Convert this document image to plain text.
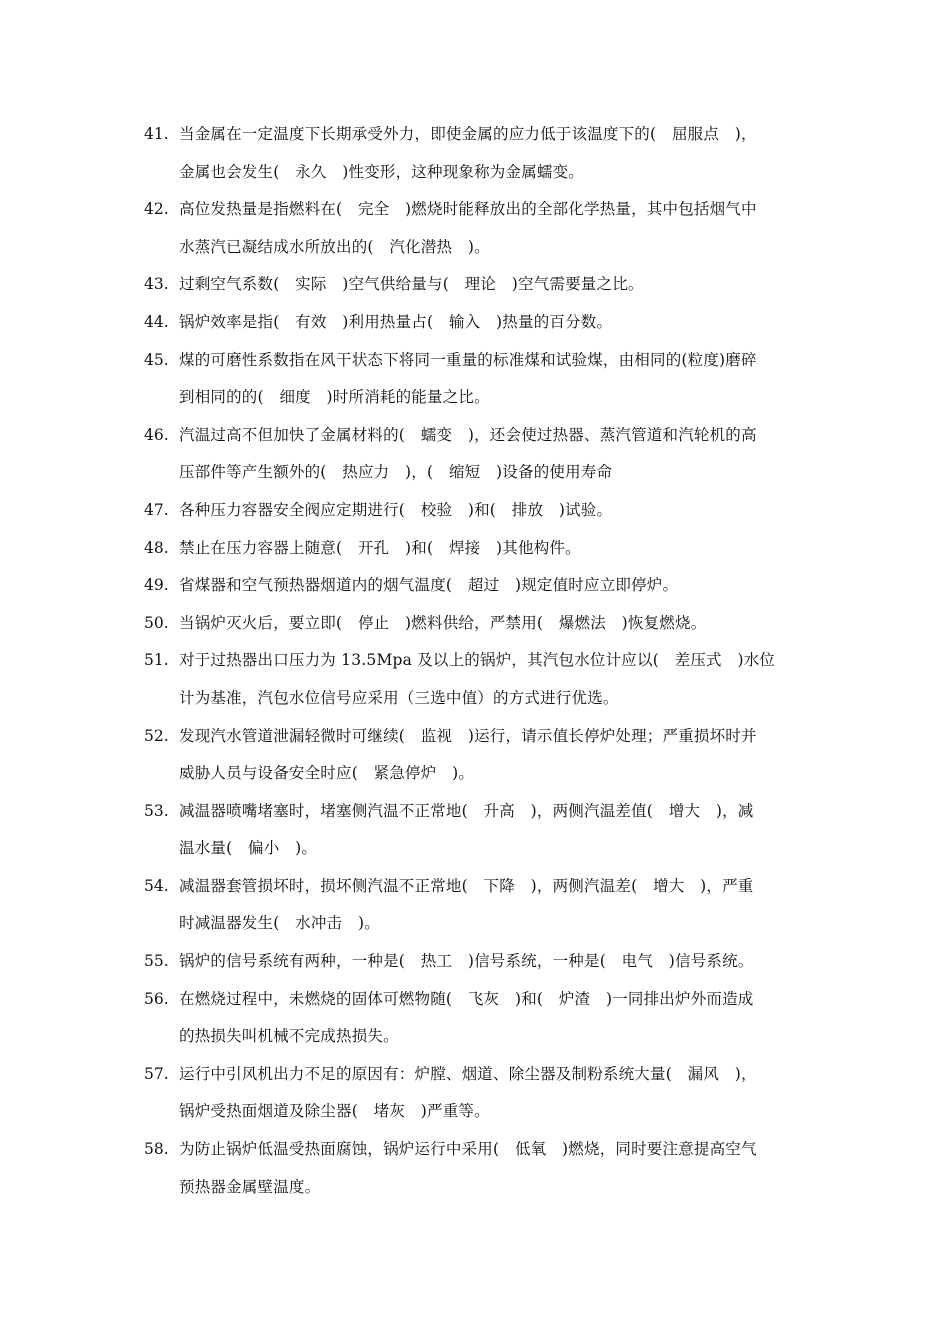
41. 当金属在一定温度下长期承受外力，即使金属的应力低于该温度下的(　屈服点　)，
金属也会发生(　永久　)性变形，这种现象称为金属蠕变。
42. 高位发热量是指燃料在(　完全　)燃烧时能释放出的全部化学热量，其中包括烟气中
水蒸汽已凝结成水所放出的(　汽化潜热　)。
43. 过剩空气系数(　实际　)空气供给量与(　理论　)空气需要量之比。
44. 锅炉效率是指(　有效　)利用热量占(　输入　)热量的百分数。
45. 煤的可磨性系数指在风干状态下将同一重量的标准煤和试验煤，由相同的(粒度)磨碎
到相同的的(　细度　)时所消耗的能量之比。
46. 汽温过高不但加快了金属材料的(　蠕变　)，还会使过热器、蒸汽管道和汽轮机的高
压部件等产生额外的(　热应力　)，(　缩短　)设备的使用寿命
47. 各种压力容器安全阀应定期进行(　校验　)和(　排放　)试验。
48. 禁止在压力容器上随意(　开孔　)和(　焊接　)其他构件。
49. 省煤器和空气预热器烟道内的烟气温度(　超过　)规定值时应立即停炉。
50. 当锅炉灭火后，要立即(　停止　)燃料供给，严禁用(　爆燃法　)恢复燃烧。
51. 对于过热器出口压力为 13.5Mpa 及以上的锅炉，其汽包水位计应以(　差压式　)水位
计为基准，汽包水位信号应采用（三选中值）的方式进行优选。
52. 发现汽水管道泄漏轻微时可继续(　监视　)运行，请示值长停炉处理；严重损坏时并
威胁人员与设备安全时应(　紧急停炉　)。
53. 减温器喷嘴堵塞时，堵塞侧汽温不正常地(　升高　)，两侧汽温差值(　增大　)，减
温水量(　偏小　)。
54. 减温器套管损坏时，损坏侧汽温不正常地(　下降　)，两侧汽温差(　增大　)，严重
时减温器发生(　水冲击　)。
55. 锅炉的信号系统有两种，一种是(　热工　)信号系统，一种是(　电气　)信号系统。
56. 在燃烧过程中，未燃烧的固体可燃物随(　飞灰　)和(　炉渣　)一同排出炉外而造成
的热损失叫机械不完成热损失。
57. 运行中引风机出力不足的原因有：炉膛、烟道、除尘器及制粉系统大量(　漏风　)，
锅炉受热面烟道及除尘器(　堵灰　)严重等。
58. 为防止锅炉低温受热面腐蚀，锅炉运行中采用(　低氧　)燃烧，同时要注意提高空气
预热器金属壁温度。
